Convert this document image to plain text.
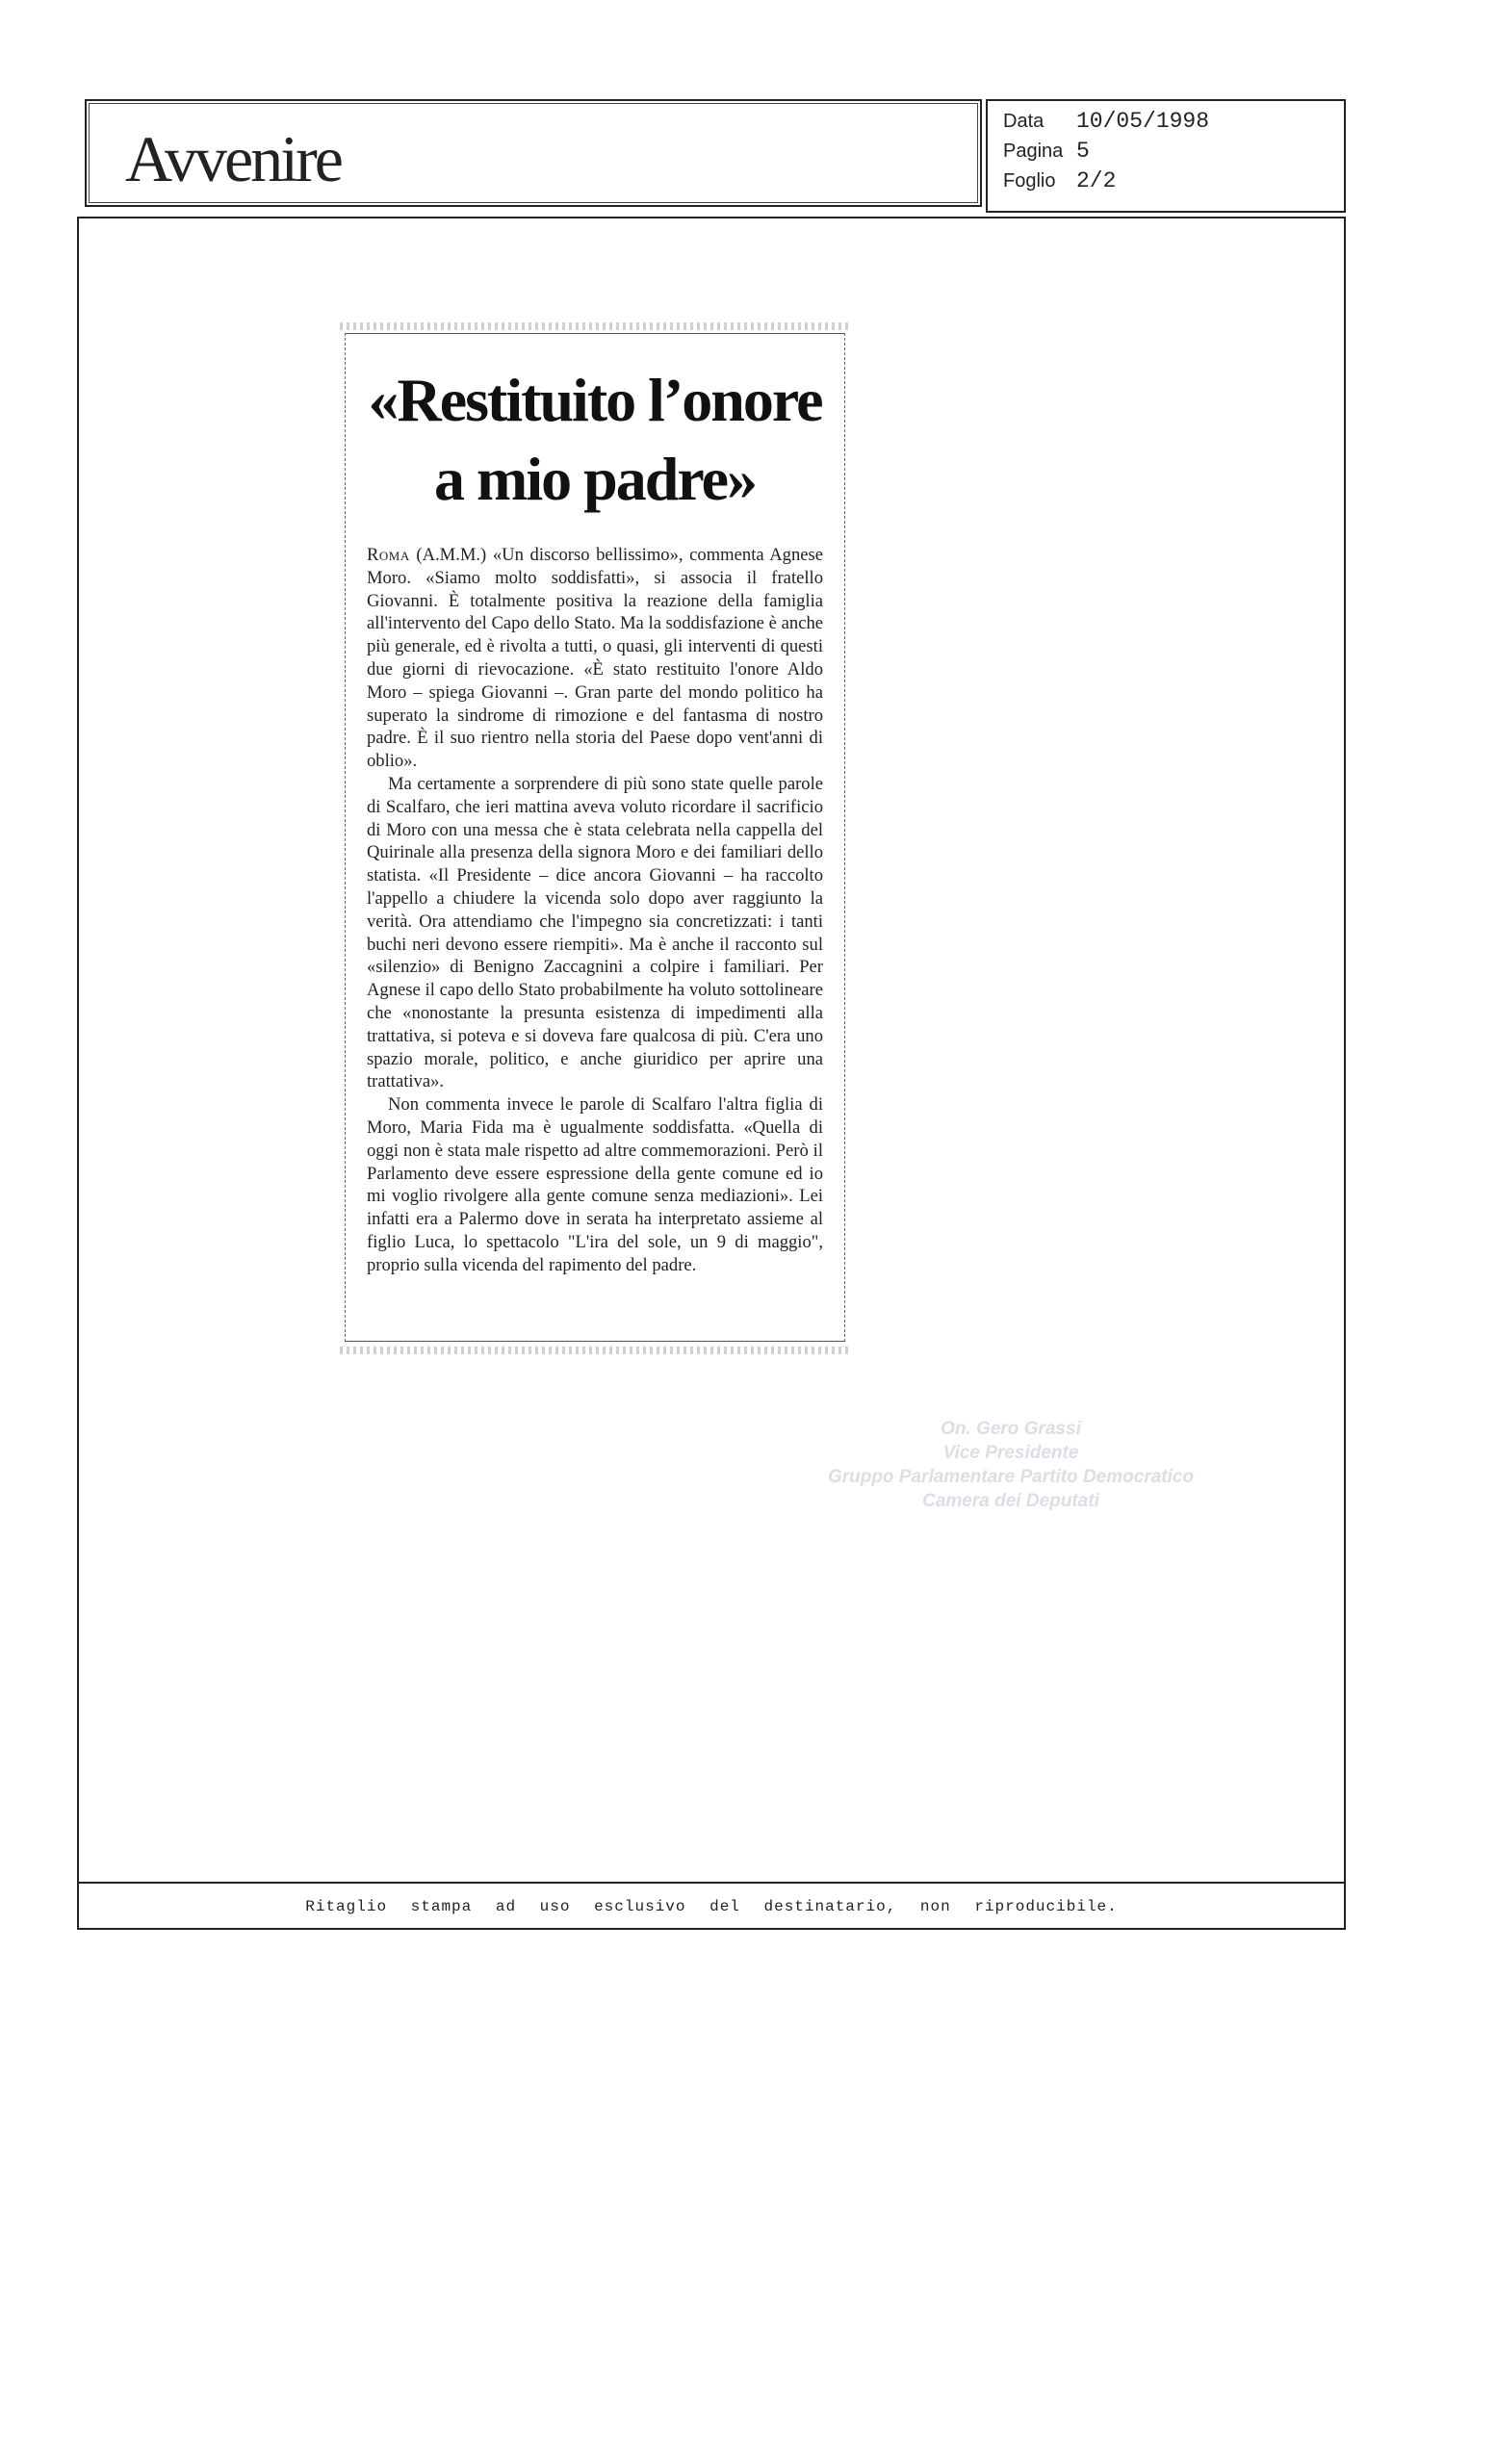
Avvenire
Data	10/05/1998
Pagina 5
Foglio 2/2
«Restituito l’onore
a mio padre»

Roma (A.M.M.) «Un discorso bellissimo», commenta Agnese Moro. «Siamo molto soddisfatti», si associa il fratello Giovanni. È totalmente positiva la reazione della famiglia all'intervento del Capo dello Stato. Ma la soddisfazione è anche più generale, ed è rivolta a tutti, o quasi, gli interventi di questi due giorni di rievocazione. «È stato restituito l'onore Aldo Moro – spiega Giovanni –. Gran parte del mondo politico ha superato la sindrome di rimozione e del fantasma di nostro padre. È il suo rientro nella storia del Paese dopo vent'anni di oblio».

Ma certamente a sorprendere di più sono state quelle parole di Scalfaro, che ieri mattina aveva voluto ricordare il sacrificio di Moro con una messa che è stata celebrata nella cappella del Quirinale alla presenza della signora Moro e dei familiari dello statista. «Il Presidente – dice ancora Giovanni – ha raccolto l'appello a chiudere la vicenda solo dopo aver raggiunto la verità. Ora attendiamo che l'impegno sia concretizzati: i tanti buchi neri devono essere riempiti». Ma è anche il racconto sul «silenzio» di Benigno Zaccagnini a colpire i familiari. Per Agnese il capo dello Stato probabilmente ha voluto sottolineare che «nonostante la presunta esistenza di impedimenti alla trattativa, si poteva e si doveva fare qualcosa di più. C'era uno spazio morale, politico, e anche giuridico per aprire una trattativa».

Non commenta invece le parole di Scalfaro l'altra figlia di Moro, Maria Fida ma è ugualmente soddisfatta. «Quella di oggi non è stata male rispetto ad altre commemorazioni. Però il Parlamento deve essere espressione della gente comune ed io mi voglio rivolgere alla gente comune senza mediazioni». Lei infatti era a Palermo dove in serata ha interpretato assieme al figlio Luca, lo spettacolo "L'ira del sole, un 9 di maggio", proprio sulla vicenda del rapimento del padre.

On. Gero Grassi
Vice Presidente
Gruppo Parlamentare Partito Democratico
Camera dei Deputati
Ritaglio stampa ad uso esclusivo del destinatario, non riproducibile.
